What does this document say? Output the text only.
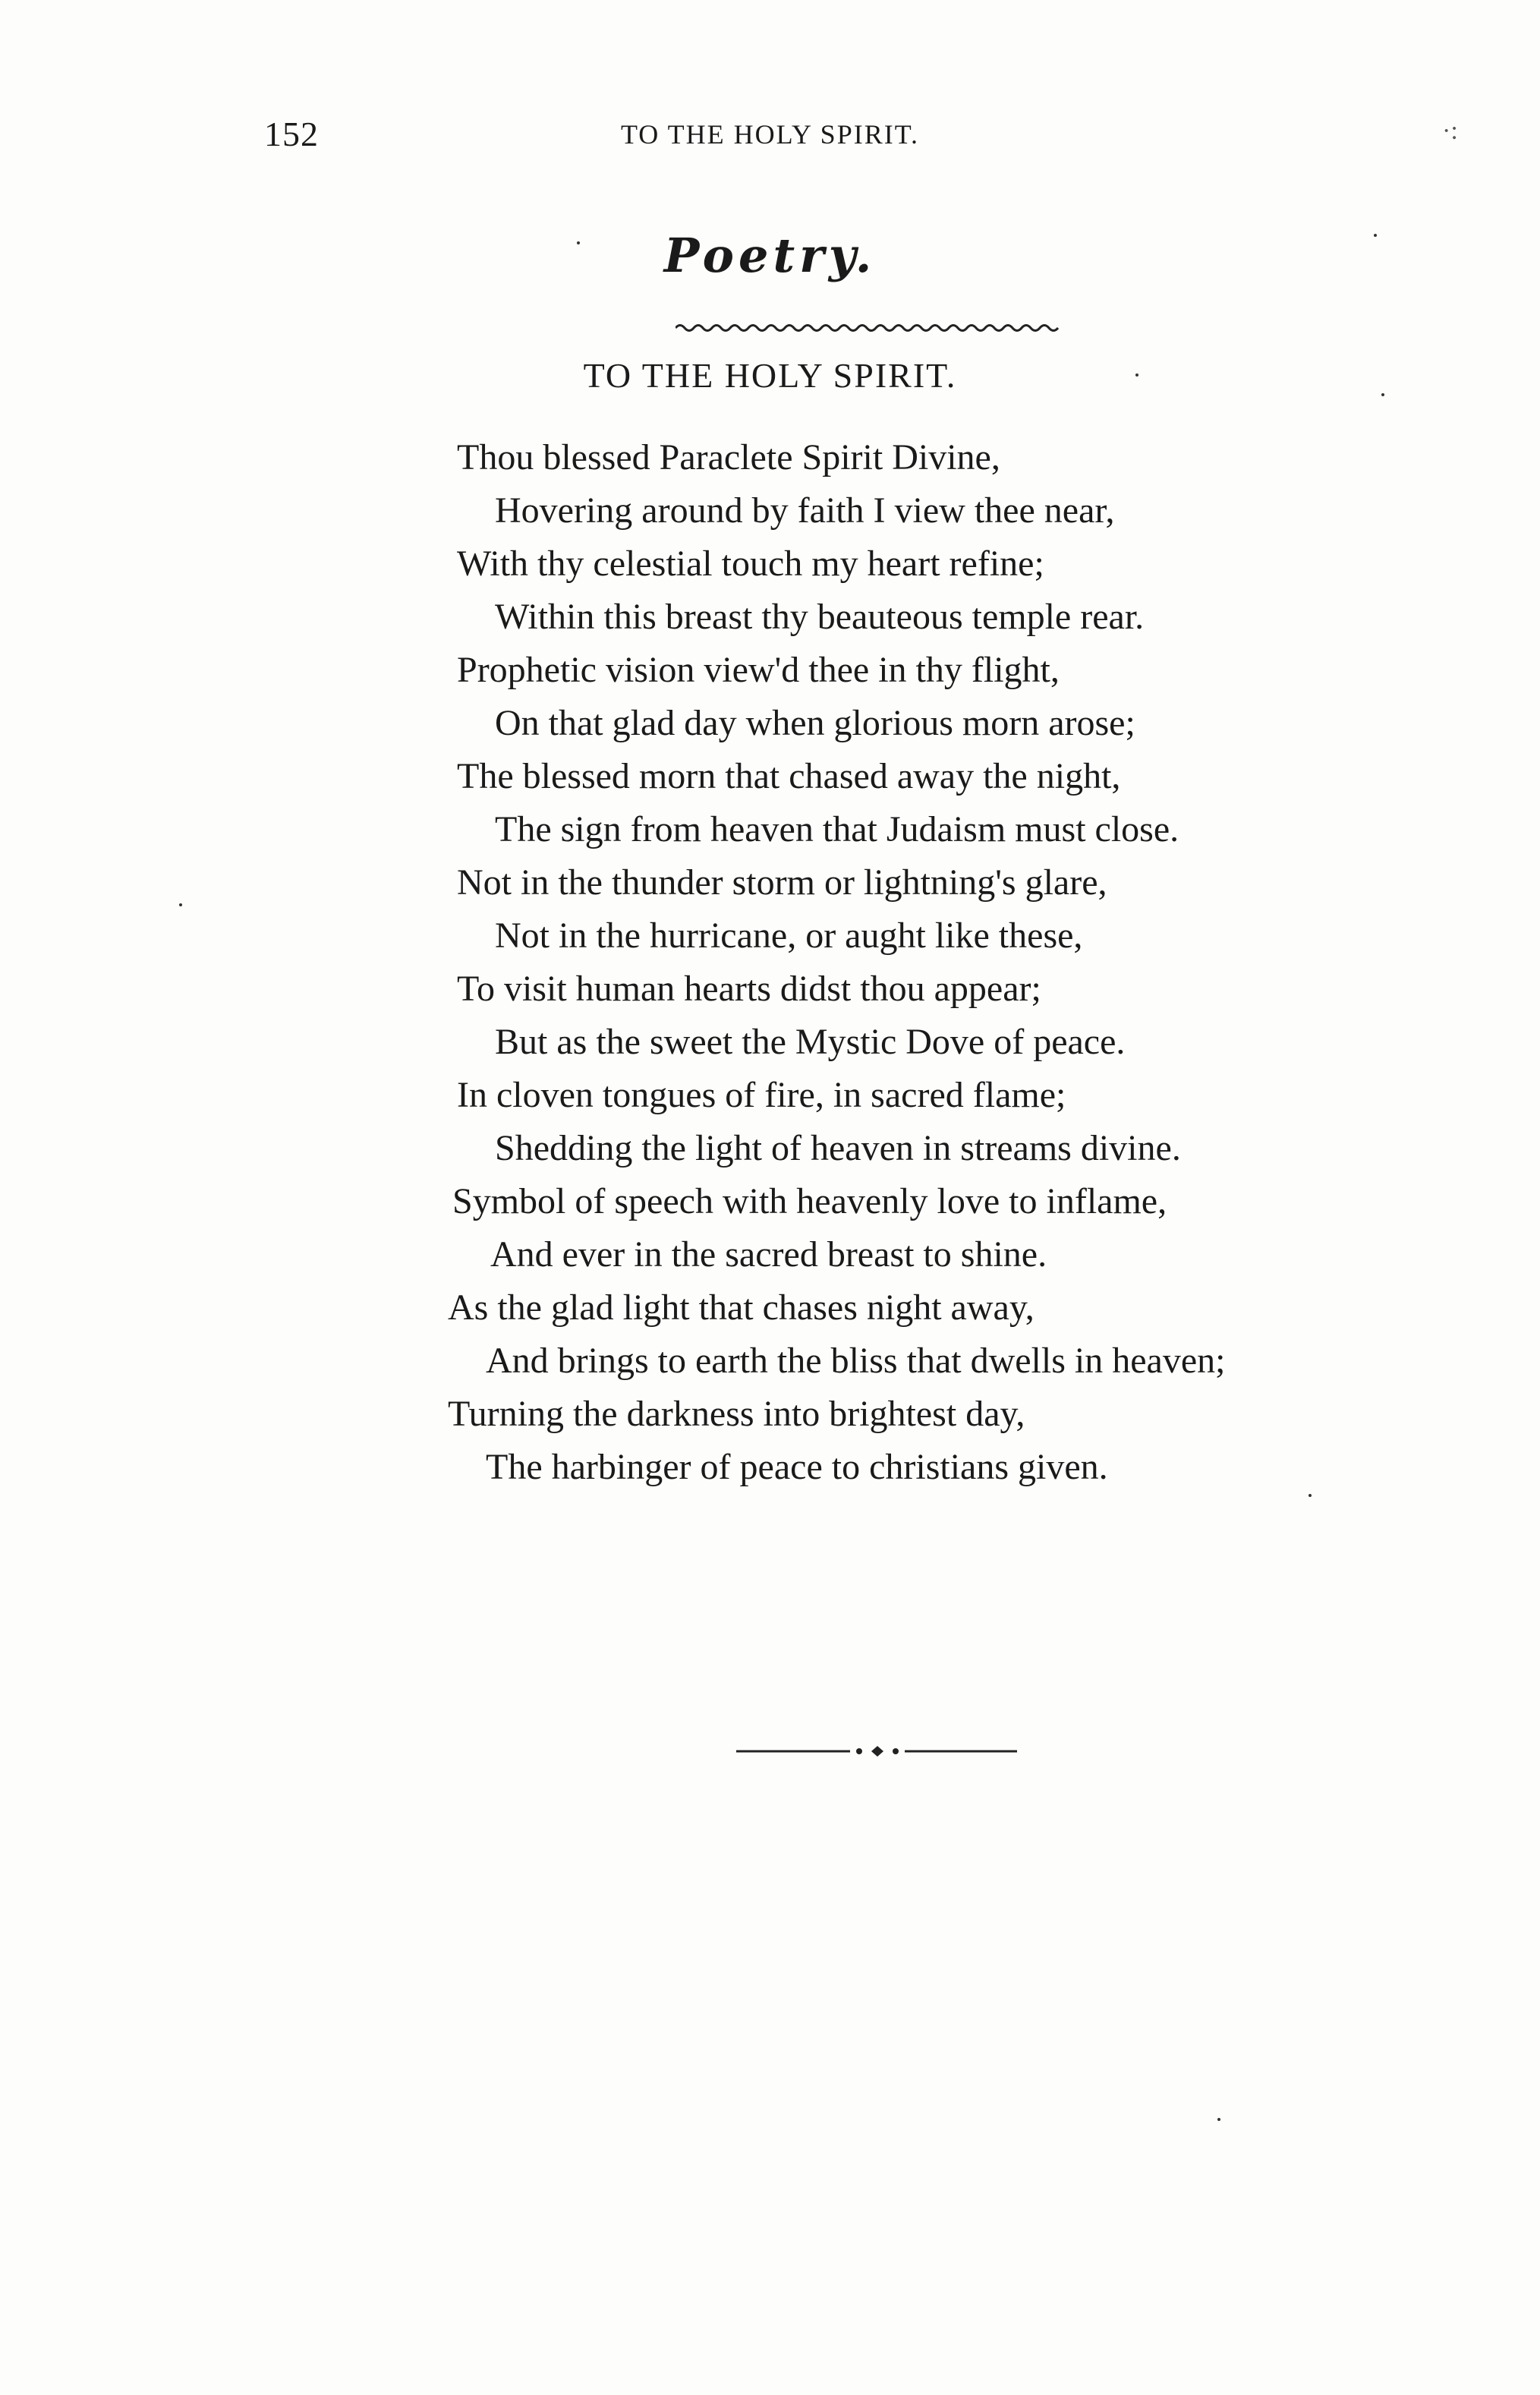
152	TO THE HOLY SPIRIT.	·:
Poetry.
TO THE HOLY SPIRIT.
Thou blessed Paraclete Spirit Divine,
Hovering around by faith I view thee near,
With thy celestial touch my heart refine;
Within this breast thy beauteous temple rear.
Prophetic vision view'd thee in thy flight,
On that glad day when glorious morn arose;
The blessed morn that chased away the night,
The sign from heaven that Judaism must close.
Not in the thunder storm or lightning's glare,
Not in the hurricane, or aught like these,
To visit human hearts didst thou appear;
But as the sweet the Mystic Dove of peace.
In cloven tongues of fire, in sacred flame;
Shedding the light of heaven in streams divine.
Symbol of speech with heavenly love to inflame,
And ever in the sacred breast to shine.
As the glad light that chases night away,
And brings to earth the bliss that dwells in heaven;
Turning the darkness into brightest day,
The harbinger of peace to christians given.
